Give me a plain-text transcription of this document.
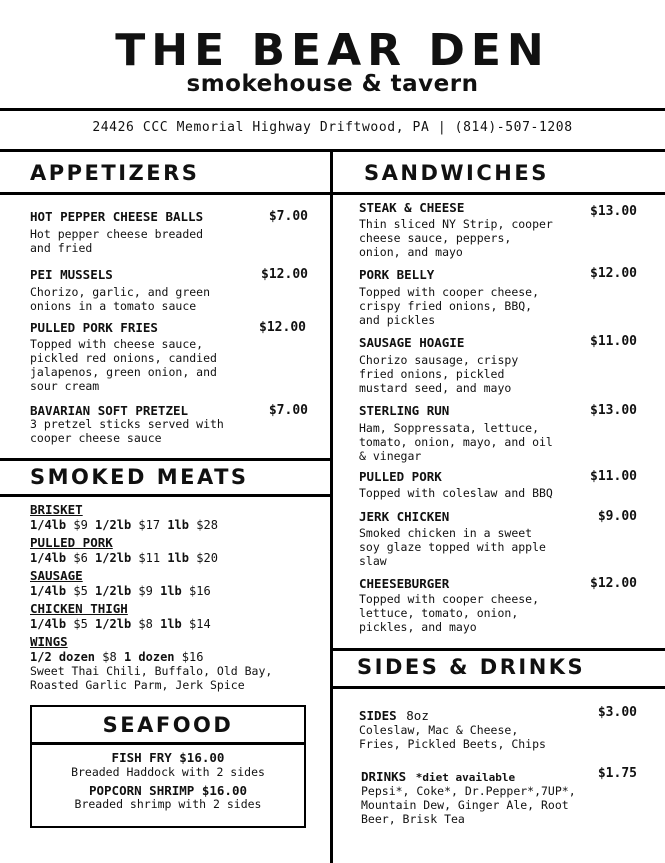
THE BEAR DEN
smokehouse & tavern
24426 CCC Memorial Highway Driftwood, PA | (814)-507-1208
APPETIZERS
HOT PEPPER CHEESE BALLS	$7.00
PEI MUSSELS	$12.00
PULLED PORK FRIES	$12.00
BAVARIAN SOFT PRETZEL	$7.00
Hot pepper cheese breaded
and fried
Chorizo, garlic, and green
onions in a tomato sauce
Topped with cheese sauce,
pickled red onions, candied
jalapenos, green onion, and
sour cream
3 pretzel sticks served with
cooper cheese sauce
SMOKED MEATS
BRISKET
1/4lb $9 1/2lb $17 1lb $28
PULLED PORK
1/4lb $6 1/2lb $11 1lb $20
SAUSAGE
1/4lb $5 1/2lb $9 1lb $16
CHICKEN THIGH
1/4lb $5 1/2lb $8 1lb $14
WINGS
1/2 dozen $8 1 dozen $16
Sweet Thai Chili, Buffalo, Old Bay,
Roasted Garlic Parm, Jerk Spice
SEAFOOD
FISH FRY $16.00
Breaded Haddock with 2 sides
POPCORN SHRIMP $16.00
Breaded shrimp with 2 sides
SANDWICHES
STEAK & CHEESE	$13.00
Thin sliced NY Strip, cooper
cheese sauce, peppers,
onion, and mayo
PORK BELLY	$12.00
Topped with cooper cheese,
crispy fried onions, BBQ,
and pickles
SAUSAGE HOAGIE	$11.00
Chorizo sausage, crispy
fried onions, pickled
mustard seed, and mayo
STERLING RUN	$13.00
Ham, Soppressata, lettuce,
tomato, onion, mayo, and oil
& vinegar
PULLED PORK	$11.00
Topped with coleslaw and BBQ
JERK CHICKEN	$9.00
Smoked chicken in a sweet
soy glaze topped with apple
slaw
CHEESEBURGER	$12.00
Topped with cooper cheese,
lettuce, tomato, onion,
pickles, and mayo
SIDES & DRINKS
SIDES 8oz	$3.00
Coleslaw, Mac & Cheese,
Fries, Pickled Beets, Chips
DRINKS *diet available	$1.75
Pepsi*, Coke*, Dr.Pepper*,7UP*,
Mountain Dew, Ginger Ale, Root
Beer, Brisk Tea
